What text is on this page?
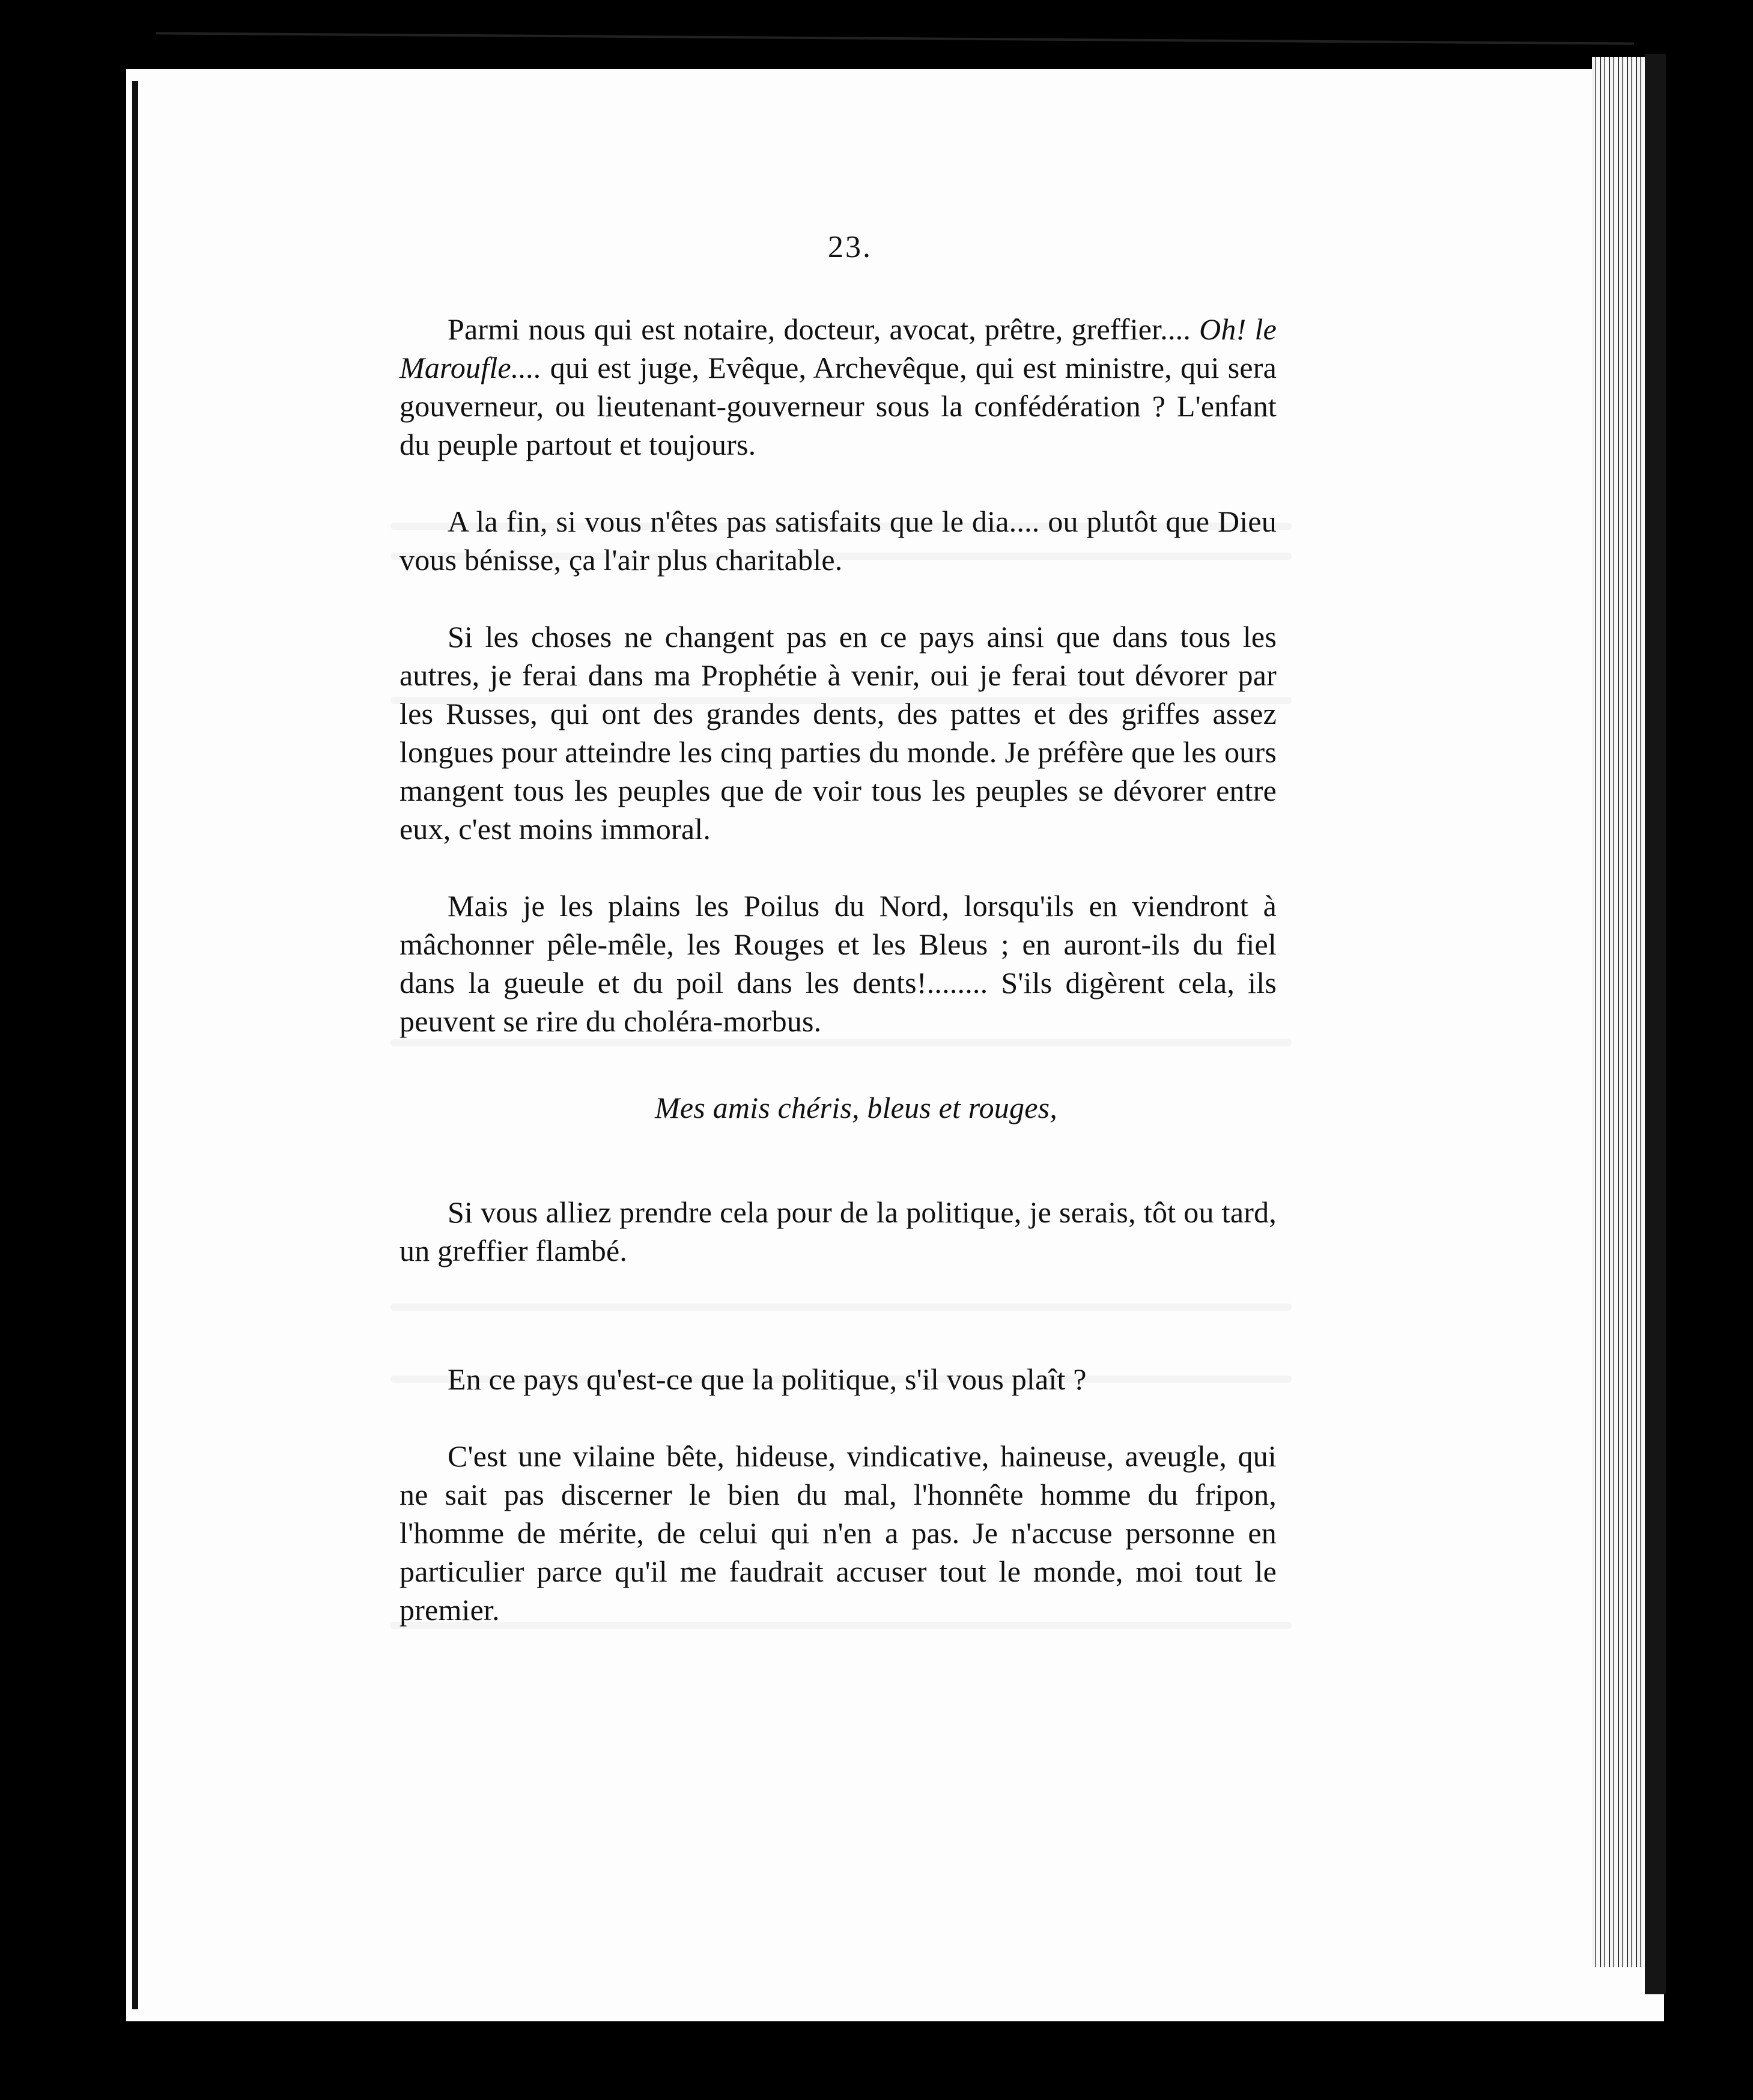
23.

Parmi nous qui est notaire, docteur, avocat, prêtre, greffier.... Oh! le Maroufle.... qui est juge, Evêque, Archevêque, qui est ministre, qui sera gouverneur, ou lieutenant-gouverneur sous la confédération ? L'enfant du peuple partout et toujours.

A la fin, si vous n'êtes pas satisfaits que le dia.... ou plutôt que Dieu vous bénisse, ça l'air plus charitable.

Si les choses ne changent pas en ce pays ainsi que dans tous les autres, je ferai dans ma Prophétie à venir, oui je ferai tout dévorer par les Russes, qui ont des grandes dents, des pattes et des griffes assez longues pour atteindre les cinq parties du monde. Je préfère que les ours mangent tous les peuples que de voir tous les peuples se dévorer entre eux, c'est moins immoral.

Mais je les plains les Poilus du Nord, lorsqu'ils en viendront à mâchonner pêle-mêle, les Rouges et les Bleus ; en auront-ils du fiel dans la gueule et du poil dans les dents!........ S'ils digèrent cela, ils peuvent se rire du choléra-morbus.

Mes amis chéris, bleus et rouges,

Si vous alliez prendre cela pour de la politique, je serais, tôt ou tard, un greffier flambé.

En ce pays qu'est-ce que la politique, s'il vous plaît ?

C'est une vilaine bête, hideuse, vindicative, haineuse, aveugle, qui ne sait pas discerner le bien du mal, l'honnête homme du fripon, l'homme de mérite, de celui qui n'en a pas. Je n'accuse personne en particulier parce qu'il me faudrait accuser tout le monde, moi tout le premier.
